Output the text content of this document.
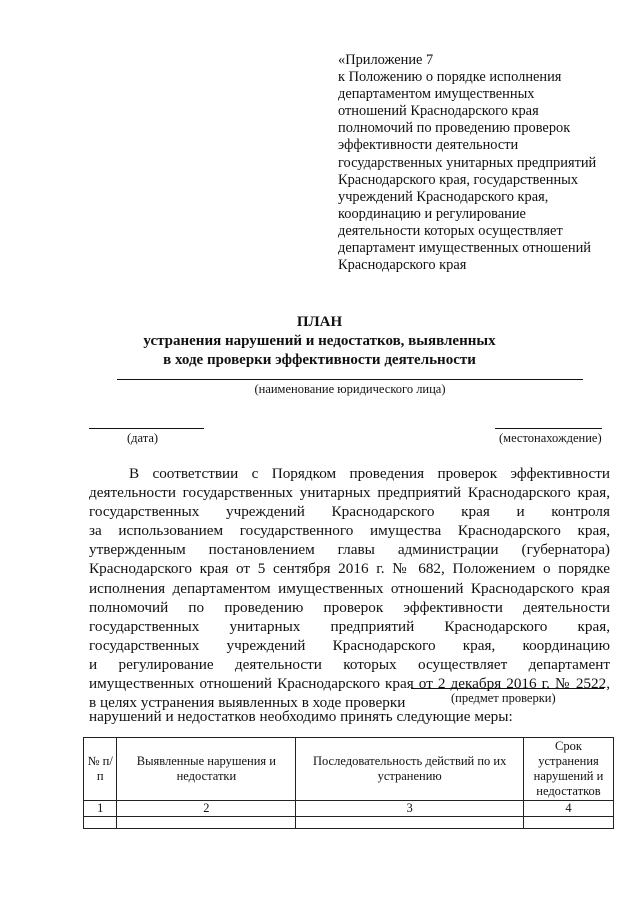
«Приложение 7
к Положению о порядке исполнения
департаментом имущественных
отношений Краснодарского края
полномочий по проведению проверок
эффективности деятельности
государственных унитарных предприятий
Краснодарского края, государственных
учреждений Краснодарского края,
координацию и регулирование
деятельности которых осуществляет
департамент имущественных отношений
Краснодарского края
ПЛАН
устранения нарушений и недостатков, выявленных
в ходе проверки эффективности деятельности
(наименование юридического лица)
(дата)	(местонахождение)
В соответствии с Порядком проведения проверок эффективности
деятельности государственных унитарных предприятий Краснодарского края,
государственных учреждений Краснодарского края и контроля
за использованием государственного имущества Краснодарского края,
утвержденным постановлением главы администрации (губернатора)
Краснодарского края от 5 сентября 2016 г. № 682, Положением о порядке
исполнения департаментом имущественных отношений Краснодарского края
полномочий по проведению проверок эффективности деятельности
государственных унитарных предприятий Краснодарского края,
государственных учреждений Краснодарского края, координацию
и регулирование деятельности которых осуществляет департамент
имущественных отношений Краснодарского края от 2 декабря 2016 г. № 2522,
в целях устранения выявленных в ходе проверки	(предмет проверки)
нарушений и недостатков необходимо принять следующие меры:
№ п/п	Выявленные нарушения и недостатки	Последовательность действий по их устранению	Срок устранения нарушений и недостатков
1	2	3	4
